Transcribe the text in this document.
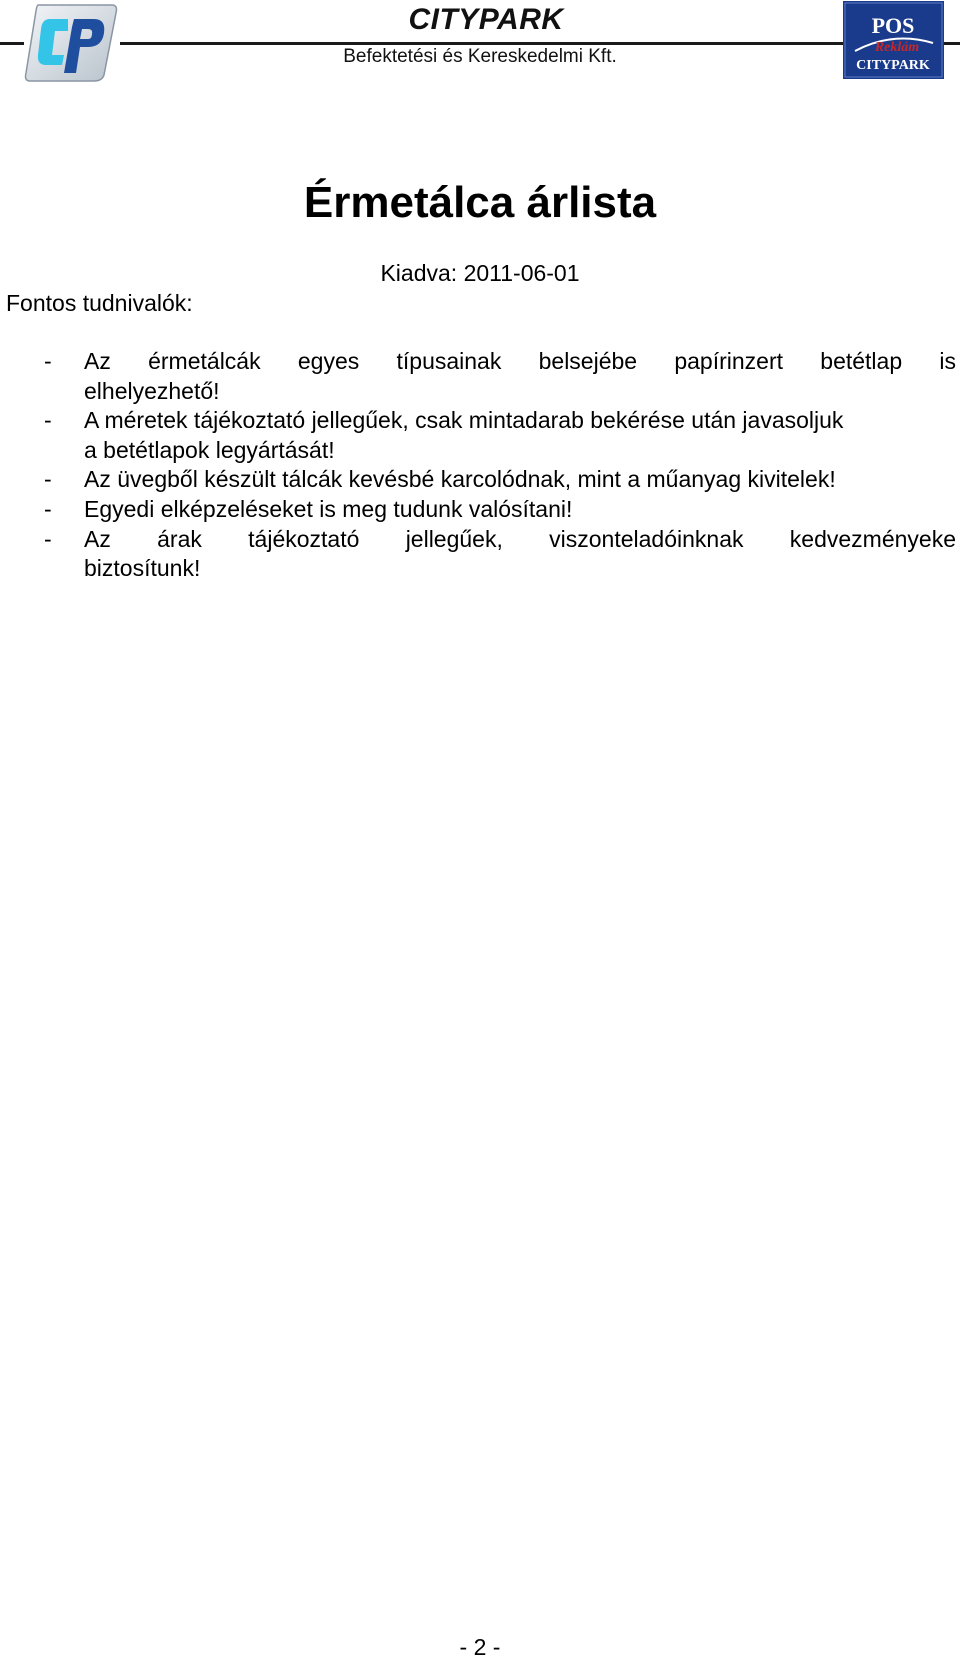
CITYPARK
Befektetési és Kereskedelmi Kft.
POS
Reklám
CITYPARK
Érmetálca árlista
Kiadva: 2011-06-01
Fontos tudnivalók:
- Az érmetálcák egyes típusainak belsejébe papírinzert betétlap is
elhelyezhető!
- A méretek tájékoztató jellegűek, csak mintadarab bekérése után javasoljuk
a betétlapok legyártását!
- Az üvegből készült tálcák kevésbé karcolódnak, mint a műanyag kivitelek!
- Egyedi elképzeléseket is meg tudunk valósítani!
- Az árak tájékoztató jellegűek, viszonteladóinknak kedvezményeke
biztosítunk!
- 2 -
